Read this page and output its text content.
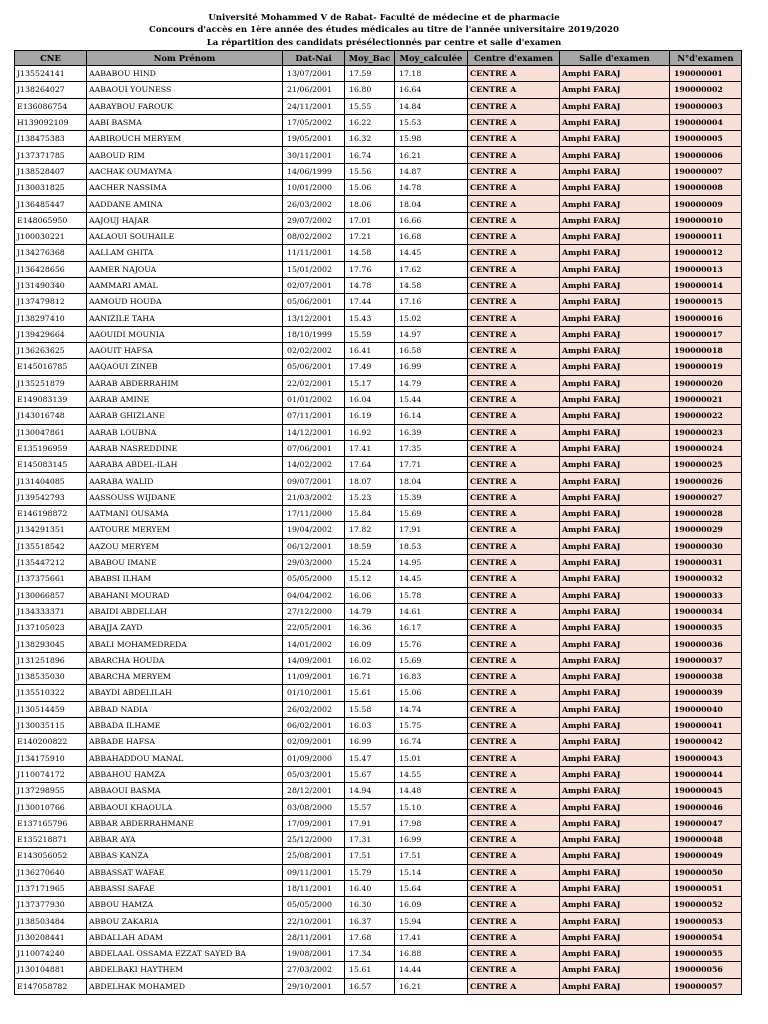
Université Mohammed V de Rabat- Faculté de médecine et de pharmacie
Concours d'accès en 1ère année des études médicales au titre de l'année universitaire 2019/2020
La répartition des candidats présélectionnés par centre et salle d'examen
CNE	Nom Prénom	Dat-Nai	Moy_Bac	Moy_calculée	Centre d'examen	Salle d'examen	N°d'examen
J135524141	AABABOU HIND	13/07/2001	17.59	17.18	CENTRE A	Amphi FARAJ	190000001
J138264027	AABAOUI YOUNESS	21/06/2001	16.80	16.64	CENTRE A	Amphi FARAJ	190000002
E136086754	AABAYBOU FAROUK	24/11/2001	15.55	14.84	CENTRE A	Amphi FARAJ	190000003
H139092109	AABI BASMA	17/05/2002	16.22	15.53	CENTRE A	Amphi FARAJ	190000004
J138475383	AABIROUCH MERYEM	19/05/2001	16.32	15.98	CENTRE A	Amphi FARAJ	190000005
J137371785	AABOUD RIM	30/11/2001	16.74	16.21	CENTRE A	Amphi FARAJ	190000006
J138528407	AACHAK OUMAYMA	14/06/1999	15.56	14.87	CENTRE A	Amphi FARAJ	190000007
J130031825	AACHER NASSIMA	10/01/2000	15.06	14.78	CENTRE A	Amphi FARAJ	190000008
J136485447	AADDANE AMINA	26/03/2002	18.06	18.04	CENTRE A	Amphi FARAJ	190000009
E148065950	AAJOUJ HAJAR	29/07/2002	17.01	16.66	CENTRE A	Amphi FARAJ	190000010
J100030221	AALAOUI SOUHAILE	08/02/2002	17.21	16.68	CENTRE A	Amphi FARAJ	190000011
J134276368	AALLAM GHITA	11/11/2001	14.58	14.45	CENTRE A	Amphi FARAJ	190000012
J136428656	AAMER NAJOUA	15/01/2002	17.76	17.62	CENTRE A	Amphi FARAJ	190000013
J131490340	AAMMARI AMAL	02/07/2001	14.78	14.58	CENTRE A	Amphi FARAJ	190000014
J137479812	AAMOUD HOUDA	05/06/2001	17.44	17.16	CENTRE A	Amphi FARAJ	190000015
J138297410	AANIZILE TAHA	13/12/2001	15.43	15.02	CENTRE A	Amphi FARAJ	190000016
J139429664	AAOUIDI MOUNIA	18/10/1999	15.59	14.97	CENTRE A	Amphi FARAJ	190000017
J136263625	AAOUIT HAFSA	02/02/2002	16.41	16.58	CENTRE A	Amphi FARAJ	190000018
E145016785	AAQAOUI ZINEB	05/06/2001	17.49	16.99	CENTRE A	Amphi FARAJ	190000019
J135251879	AARAB ABDERRAHIM	22/02/2001	15.17	14.79	CENTRE A	Amphi FARAJ	190000020
E149083139	AARAB AMINE	01/01/2002	16.04	15.44	CENTRE A	Amphi FARAJ	190000021
J143016748	AARAB GHIZLANE	07/11/2001	16.19	16.14	CENTRE A	Amphi FARAJ	190000022
J130047861	AARAB LOUBNA	14/12/2001	16.92	16.39	CENTRE A	Amphi FARAJ	190000023
E135196959	AARAB NASREDDINE	07/06/2001	17.41	17.35	CENTRE A	Amphi FARAJ	190000024
E145083145	AARABA ABDEL-ILAH	14/02/2002	17.64	17.71	CENTRE A	Amphi FARAJ	190000025
J131404085	AARABA WALID	09/07/2001	18.07	18.04	CENTRE A	Amphi FARAJ	190000026
J139542793	AASSOUSS WIJDANE	21/03/2002	15.23	15.39	CENTRE A	Amphi FARAJ	190000027
E146198872	AATMANI OUSAMA	17/11/2000	15.84	15.69	CENTRE A	Amphi FARAJ	190000028
J134291351	AATOURE MERYEM	19/04/2002	17.82	17.91	CENTRE A	Amphi FARAJ	190000029
J135518542	AAZOU MERYEM	06/12/2001	18.59	18.53	CENTRE A	Amphi FARAJ	190000030
J135447212	ABABOU IMANE	29/03/2000	15.24	14.95	CENTRE A	Amphi FARAJ	190000031
J137375661	ABABSI ILHAM	05/05/2000	15.12	14.45	CENTRE A	Amphi FARAJ	190000032
J130066857	ABAHANI MOURAD	04/04/2002	16.06	15.78	CENTRE A	Amphi FARAJ	190000033
J134333371	ABAIDI ABDELLAH	27/12/2000	14.79	14.61	CENTRE A	Amphi FARAJ	190000034
J137105023	ABAJJA ZAYD	22/05/2001	16.36	16.17	CENTRE A	Amphi FARAJ	190000035
J138293045	ABALI MOHAMEDREDA	14/01/2002	16.09	15.76	CENTRE A	Amphi FARAJ	190000036
J131251896	ABARCHA HOUDA	14/09/2001	16.02	15.69	CENTRE A	Amphi FARAJ	190000037
J138535030	ABARCHA MERYEM	11/09/2001	16.71	16.83	CENTRE A	Amphi FARAJ	190000038
J135510322	ABAYDI ABDELILAH	01/10/2001	15.61	15.06	CENTRE A	Amphi FARAJ	190000039
J130514459	ABBAD NADIA	26/02/2002	15.58	14.74	CENTRE A	Amphi FARAJ	190000040
J130035115	ABBADA ILHAME	06/02/2001	16.03	15.75	CENTRE A	Amphi FARAJ	190000041
E140200822	ABBADE HAFSA	02/09/2001	16.99	16.74	CENTRE A	Amphi FARAJ	190000042
J134175910	ABBAHADDOU MANAL	01/09/2000	15.47	15.01	CENTRE A	Amphi FARAJ	190000043
J110074172	ABBAHOU HAMZA	05/03/2001	15.67	14.55	CENTRE A	Amphi FARAJ	190000044
J137298955	ABBAOUI BASMA	28/12/2001	14.94	14.48	CENTRE A	Amphi FARAJ	190000045
J130010766	ABBAOUI KHAOULA	03/08/2000	15.57	15.10	CENTRE A	Amphi FARAJ	190000046
E137165796	ABBAR ABDERRAHMANE	17/09/2001	17.91	17.98	CENTRE A	Amphi FARAJ	190000047
E135218871	ABBAR AYA	25/12/2000	17.31	16.99	CENTRE A	Amphi FARAJ	190000048
E143056052	ABBAS KANZA	25/08/2001	17.51	17.51	CENTRE A	Amphi FARAJ	190000049
J136270640	ABBASSAT WAFAE	09/11/2001	15.79	15.14	CENTRE A	Amphi FARAJ	190000050
J137171965	ABBASSI SAFAE	18/11/2001	16.40	15.64	CENTRE A	Amphi FARAJ	190000051
J137377930	ABBOU HAMZA	05/05/2000	16.30	16.09	CENTRE A	Amphi FARAJ	190000052
J138503484	ABBOU ZAKARIA	22/10/2001	16.37	15.94	CENTRE A	Amphi FARAJ	190000053
J130208441	ABDALLAH ADAM	28/11/2001	17.68	17.41	CENTRE A	Amphi FARAJ	190000054
J110074240	ABDELAAL OSSAMA EZZAT SAYED BA	19/08/2001	17.34	16.88	CENTRE A	Amphi FARAJ	190000055
J130104881	ABDELBAKI HAYTHEM	27/03/2002	15.61	14.44	CENTRE A	Amphi FARAJ	190000056
E147058782	ABDELHAK MOHAMED	29/10/2001	16.57	16.21	CENTRE A	Amphi FARAJ	190000057
